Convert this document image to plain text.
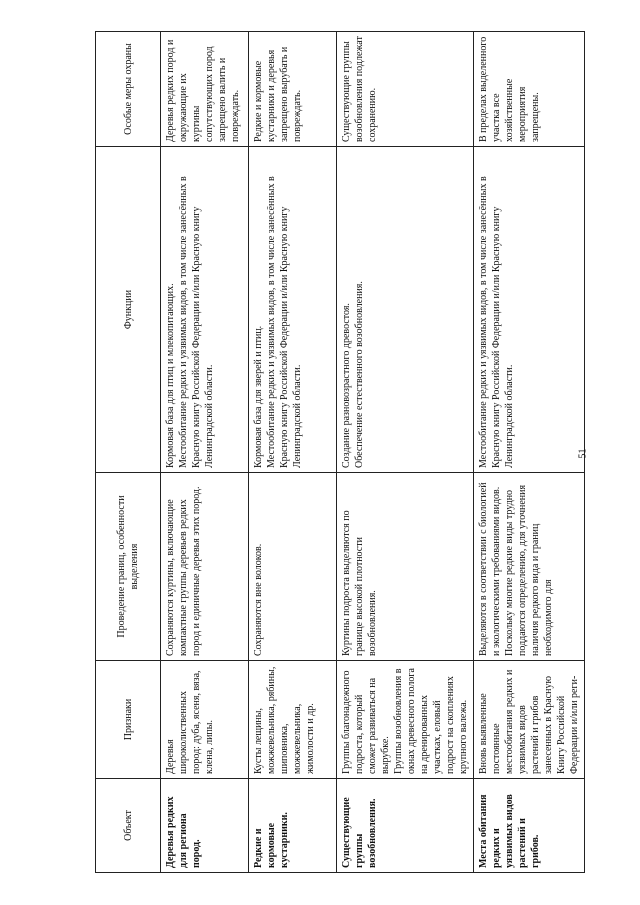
Объект	Признаки	Проведение границ, особенности выделения	Функции	Особые меры охраны
Деревья редких для региона пород.	Деревья широколиственных пород: дуба, ясеня, вяза, клена, липы.	Сохраняются куртины, включающие компактные группы деревьев редких пород и единичные деревья этих пород.	Кормовая база для птиц и млекопитающих. Местообитание редких и уязвимых видов, в том числе занесённых в Красную книгу Российской Федерации и/или Красную книгу Ленинградской области.	Деревья редких пород и окружающие их куртины сопутствующих пород запрещено валить и повреждать.

Редкие и кормовые кустарники.	Кусты лещины, можжевельника, рябины, шиповника, можжевельника, жимолости и др.	Сохраняются вне волоков.	Кормовая база для зверей и птиц. Местообитание редких и уязвимых видов, в том числе занесённых в Красную книгу Российской Федерации и/или Красную книгу Ленинградской области.	Редкие и кормовые кустарники и деревья запрещено вырубать и повреждать.

Существующие группы возобновления.	Группы благонадежного подроста, который сможет развиваться на вырубке. Группы возобновления в окнах древесного полога на дренированных участках, еловый подрост на скоплениях крупного валежа.	Куртины подроста выделяются по границе высокой плотности возобновления.	Создание разновозрастного древостоя. Обеспечение естественного возобновления.	Существующие группы возобновления подлежат сохранению.

Места обитания редких и уязвимых видов растений и грибов.	Вновь выявленные постоянные местообитания редких и уязвимых видов растений и грибов занесенных в Красную Книгу Российской Федерации и/или реги-	Выделяются в соответствии с биологией и экологическими требованиями видов. Поскольку многие редкие виды трудно поддаются определению, для уточнения наличия редкого вида и границ необходимого для	Местообитание редких и уязвимых видов, в том числе занесённых в Красную книгу Российской Федерации и/или Красную книгу Ленинградской области.	В пределах выделенного участка все хозяйственные мероприятия запрещены.
51
